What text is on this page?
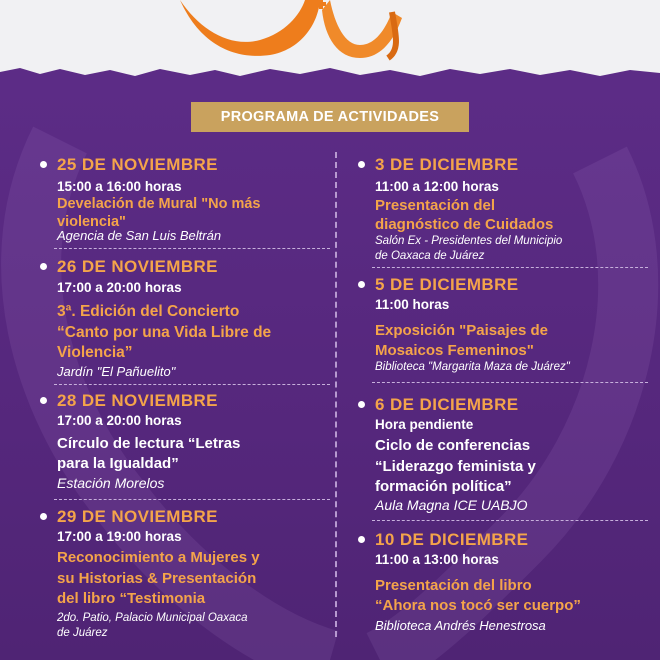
PROGRAMA DE ACTIVIDADES
25 DE NOVIEMBRE
15:00 a 16:00 horas
Develación de Mural "No más
violencia"
Agencia de San Luis Beltrán
26 DE NOVIEMBRE
17:00 a 20:00 horas
3ª. Edición del Concierto
“Canto por una Vida Libre de
Violencia”
Jardín "El Pañuelito"
28 DE NOVIEMBRE
17:00 a 20:00 horas
Círculo de lectura “Letras
para la Igualdad”
Estación Morelos
29 DE NOVIEMBRE
17:00 a 19:00 horas
Reconocimiento a Mujeres y
su Historias & Presentación
del libro “Testimonia
2do. Patio, Palacio Municipal Oaxaca
de Juárez
3 DE DICIEMBRE
11:00 a 12:00 horas
Presentación del
diagnóstico de Cuidados
Salón Ex - Presidentes del Municipio
de Oaxaca de Juárez
5 DE DICIEMBRE
11:00 horas
Exposición "Paisajes de
Mosaicos Femeninos"
Biblioteca "Margarita Maza de Juárez"
6 DE DICIEMBRE
Hora pendiente
Ciclo de conferencias
“Liderazgo feminista y
formación política”
Aula Magna ICE UABJO
10 DE DICIEMBRE
11:00 a 13:00 horas
Presentación del libro
“Ahora nos tocó ser cuerpo”
Biblioteca Andrés Henestrosa
